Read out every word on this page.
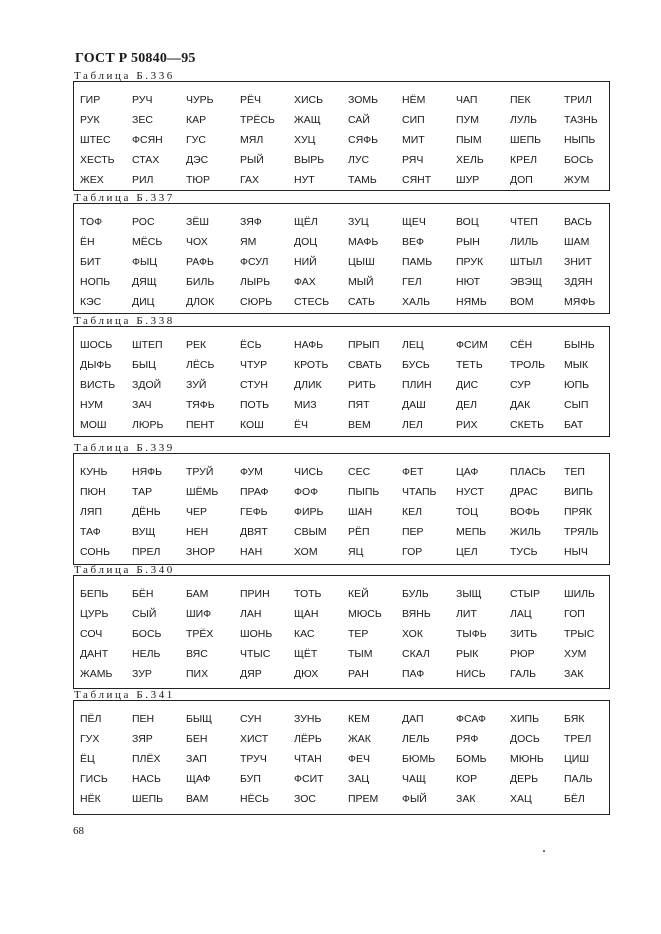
ГОСТ Р 50840—95
Таблица Б.336
ГИР	РУЧ	ЧУРЬ	РЁЧ	ХИСЬ	ЗОМЬ	НЁМ	ЧАП	ПЕК	ТРИЛ
РУК	ЗЕС	КАР	ТРЁСЬ	ЖАЩ	САЙ	СИП	ПУМ	ЛУЛЬ	ТАЗНЬ
ШТЕС	ФСЯН	ГУС	МЯЛ	ХУЦ	СЯФЬ	МИТ	ПЫМ	ШЕПЬ	НЫПЬ
ХЕСТЬ	СТАХ	ДЭС	РЫЙ	ВЫРЬ	ЛУС	РЯЧ	ХЕЛЬ	КРЕЛ	БОСЬ
ЖЕХ	РИЛ	ТЮР	ГАХ	НУТ	ТАМЬ	СЯНТ	ШУР	ДОП	ЖУМ
Таблица Б.337
ТОФ	РОС	ЗЁШ	ЗЯФ	ЩЁЛ	ЗУЦ	ЩЕЧ	ВОЦ	ЧТЕП	ВАСЬ
ЁН	МЁСЬ	ЧОХ	ЯМ	ДОЦ	МАФЬ	ВЕФ	РЫН	ЛИЛЬ	ШАМ
БИТ	ФЫЦ	РАФЬ	ФСУЛ	НИЙ	ЦЫШ	ПАМЬ	ПРУК	ШТЫЛ	ЗНИТ
НОПЬ	ДЯЩ	БИЛЬ	ЛЫРЬ	ФАХ	МЫЙ	ГЕЛ	НЮТ	ЭВЭЩ	ЗДЯН
КЭС	ДИЦ	ДЛОК	СЮРЬ	СТЕСЬ	САТЬ	ХАЛЬ	НЯМЬ	ВОМ	МЯФЬ
Таблица Б.338
ШОСЬ	ШТЕП	РЕК	ЁСЬ	НАФЬ	ПРЫП	ЛЕЦ	ФСИМ	СЁН	БЫНЬ
ДЫФЬ	БЫЦ	ЛЁСЬ	ЧТУР	КРОТЬ	СВАТЬ	БУСЬ	ТЕТЬ	ТРОЛЬ	МЫК
ВИСТЬ	ЗДОЙ	ЗУЙ	СТУН	ДЛИК	РИТЬ	ПЛИН	ДИС	СУР	ЮПЬ
НУМ	ЗАЧ	ТЯФЬ	ПОТЬ	МИЗ	ПЯТ	ДАШ	ДЕЛ	ДАК	СЫП
МОШ	ЛЮРЬ	ПЕНТ	КОШ	ЁЧ	ВЕМ	ЛЕЛ	РИХ	СКЕТЬ	БАТ
Таблица Б.339
КУНЬ	НЯФЬ	ТРУЙ	ФУМ	ЧИСЬ	СЕС	ФЕТ	ЦАФ	ПЛАСЬ	ТЕП
ПЮН	ТАР	ШЁМЬ	ПРАФ	ФОФ	ПЫПЬ	ЧТАПЬ	НУСТ	ДРАС	ВИПЬ
ЛЯП	ДЁНЬ	ЧЕР	ГЕФЬ	ФИРЬ	ШАН	КЕЛ	ТОЦ	ВОФЬ	ПРЯК
ТАФ	ВУЩ	НЕН	ДВЯТ	СВЫМ	РЁП	ПЕР	МЕПЬ	ЖИЛЬ	ТРЯЛЬ
СОНЬ	ПРЕЛ	ЗНОР	НАН	ХОМ	ЯЦ	ГОР	ЦЕЛ	ТУСЬ	НЫЧ
Таблица Б.340
БЕПЬ	БЁН	БАМ	ПРИН	ТОТЬ	КЕЙ	БУЛЬ	ЗЫЩ	СТЫР	ШИЛЬ
ЦУРЬ	СЫЙ	ШИФ	ЛАН	ЩАН	МЮСЬ	ВЯНЬ	ЛИТ	ЛАЦ	ГОП
СОЧ	БОСЬ	ТРЁХ	ШОНЬ	КАС	ТЕР	ХОК	ТЫФЬ	ЗИТЬ	ТРЫС
ДАНТ	НЕЛЬ	ВЯС	ЧТЫС	ЩЁТ	ТЫМ	СКАЛ	РЫК	РЮР	ХУМ
ЖАМЬ	ЗУР	ПИХ	ДЯР	ДЮХ	РАН	ПАФ	НИСЬ	ГАЛЬ	ЗАК
Таблица Б.341
ПЁЛ	ПЕН	БЫЩ	СУН	ЗУНЬ	КЕМ	ДАП	ФСАФ	ХИПЬ	БЯК
ГУХ	ЗЯР	БЕН	ХИСТ	ЛЁРЬ	ЖАК	ЛЕЛЬ	РЯФ	ДОСЬ	ТРЕЛ
ЁЦ	ПЛЁХ	ЗАП	ТРУЧ	ЧТАН	ФЕЧ	БЮМЬ	БОМЬ	МЮНЬ	ЦИШ
ГИСЬ	НАСЬ	ЩАФ	БУП	ФСИТ	ЗАЦ	ЧАЩ	КОР	ДЕРЬ	ПАЛЬ
НЁК	ШЕПЬ	ВАМ	НЁСЬ	ЗОС	ПРЕМ	ФЫЙ	ЗАК	ХАЦ	БЁЛ
68
